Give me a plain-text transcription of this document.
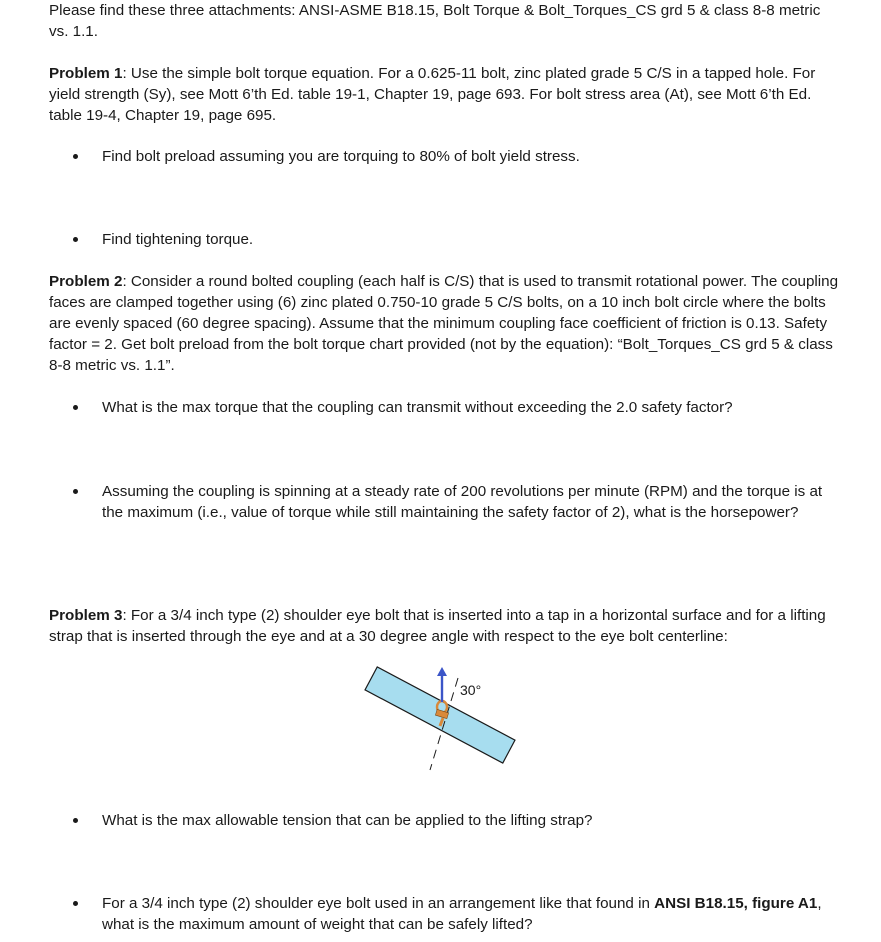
Please find these three attachments: ANSI-ASME B18.15, Bolt Torque & Bolt_Torques_CS grd 5 & class 8-8 metric vs. 1.1.

Problem 1: Use the simple bolt torque equation. For a 0.625-11 bolt, zinc plated grade 5 C/S in a tapped hole. For yield strength (Sy), see Mott 6’th Ed. table 19-1, Chapter 19, page 693. For bolt stress area (At), see Mott 6’th Ed. table 19-4, Chapter 19, page 695.

Find bolt preload assuming you are torquing to 80% of bolt yield stress.
Find tightening torque.

Problem 2: Consider a round bolted coupling (each half is C/S) that is used to transmit rotational power. The coupling faces are clamped together using (6) zinc plated 0.750-10 grade 5 C/S bolts, on a 10 inch bolt circle where the bolts are evenly spaced (60 degree spacing). Assume that the minimum coupling face coefficient of friction is 0.13. Safety factor = 2. Get bolt preload from the bolt torque chart provided (not by the equation): “Bolt_Torques_CS grd 5 & class 8-8 metric vs. 1.1”.

What is the max torque that the coupling can transmit without exceeding the 2.0 safety factor?
Assuming the coupling is spinning at a steady rate of 200 revolutions per minute (RPM) and the torque is at the maximum (i.e., value of torque while still maintaining the safety factor of 2), what is the horsepower?

Problem 3: For a 3/4 inch type (2) shoulder eye bolt that is inserted into a tap in a horizontal surface and for a lifting strap that is inserted through the eye and at a 30 degree angle with respect to the eye bolt centerline:

30°
What is the max allowable tension that can be applied to the lifting strap?
For a 3/4 inch type (2) shoulder eye bolt used in an arrangement like that found in ANSI B18.15, figure A1, what is the maximum amount of weight that can be safely lifted?
